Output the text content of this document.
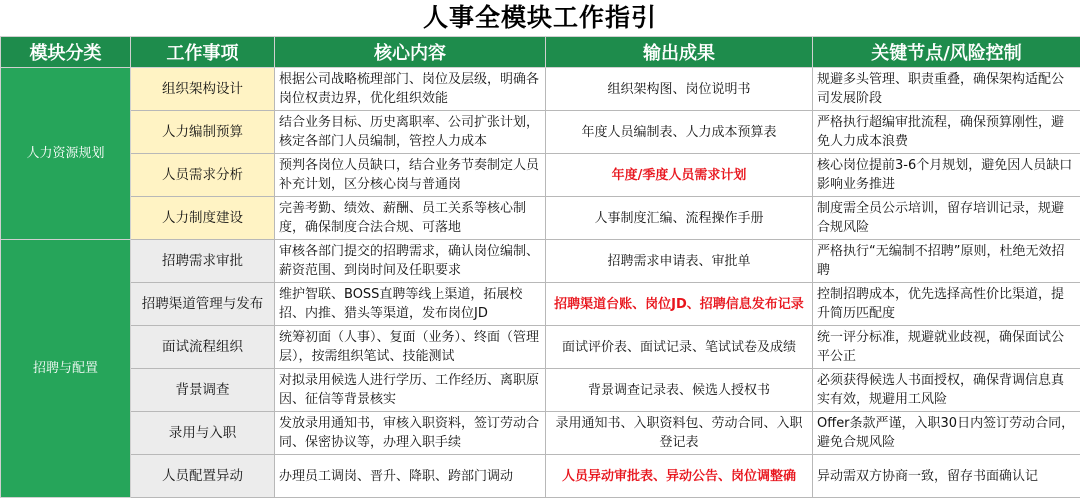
人事全模块工作指引
模块分类	工作事项	核心内容	输出成果	关键节点/风险控制
人力资源规划	组织架构设计	根据公司战略梳理部门、岗位及层级，明确各岗位权责边界，优化组织效能	组织架构图、岗位说明书	规避多头管理、职责重叠，确保架构适配公司发展阶段
	人力编制预算	结合业务目标、历史离职率、公司扩张计划，核定各部门人员编制，管控人力成本	年度人员编制表、人力成本预算表	严格执行超编审批流程，确保预算刚性，避免人力成本浪费
	人员需求分析	预判各岗位人员缺口，结合业务节奏制定人员补充计划，区分核心岗与普通岗	年度/季度人员需求计划	核心岗位提前3-6个月规划，避免因人员缺口影响业务推进
	人力制度建设	完善考勤、绩效、薪酬、员工关系等核心制度，确保制度合法合规、可落地	人事制度汇编、流程操作手册	制度需全员公示培训，留存培训记录，规避合规风险
招聘与配置	招聘需求审批	审核各部门提交的招聘需求，确认岗位编制、薪资范围、到岗时间及任职要求	招聘需求申请表、审批单	严格执行“无编制不招聘”原则，杜绝无效招聘
	招聘渠道管理与发布	维护智联、BOSS直聘等线上渠道，拓展校招、内推、猎头等渠道，发布岗位JD	招聘渠道台账、岗位JD、招聘信息发布记录	控制招聘成本，优先选择高性价比渠道，提升简历匹配度
	面试流程组织	统筹初面（人事）、复面（业务）、终面（管理层），按需组织笔试、技能测试	面试评价表、面试记录、笔试试卷及成绩	统一评分标准，规避就业歧视，确保面试公平公正
	背景调查	对拟录用候选人进行学历、工作经历、离职原因、征信等背景核实	背景调查记录表、候选人授权书	必须获得候选人书面授权，确保背调信息真实有效，规避用工风险
	录用与入职	发放录用通知书，审核入职资料，签订劳动合同、保密协议等，办理入职手续	录用通知书、入职资料包、劳动合同、入职登记表	Offer条款严谨，入职30日内签订劳动合同，避免合规风险
	人员配置异动	办理员工调岗、晋升、降职、跨部门调动	人员异动审批表、异动公告、岗位调整确	异动需双方协商一致，留存书面确认记
